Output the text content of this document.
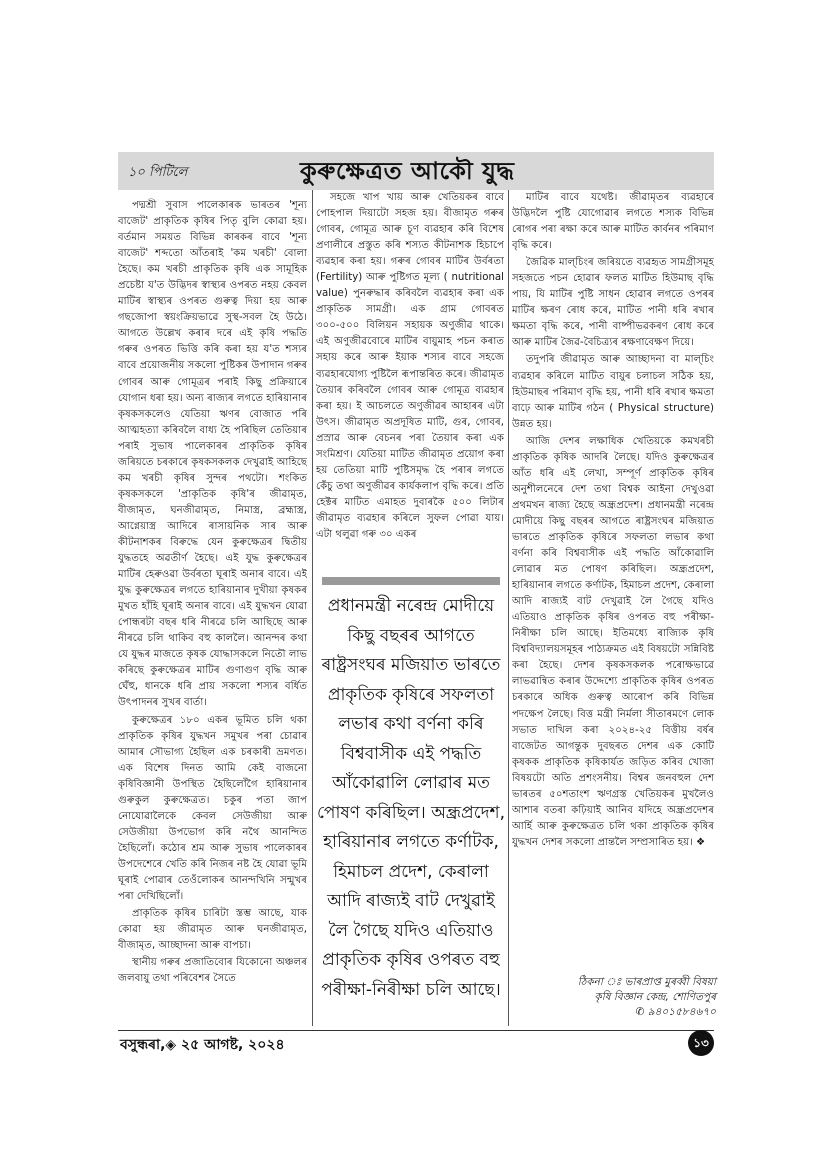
১০ পিটিলে	কুৰুক্ষেত্ৰত আকৌ যুদ্ধ

পদ্মশ্ৰী সুবাস পালেকাৰক ভাৰতৰ 'শূন্য বাজেট' প্ৰাকৃতিক কৃষিৰ পিতৃ বুলি কোৱা হয়। বৰ্তমান সময়ত বিভিন্ন কাৰকৰ বাবে 'শূন্য বাজেট' শব্দতো আঁতৰাই 'কম খৰচী' বোলা হৈছে। কম খৰচী প্ৰাকৃতিক কৃষি এক সামূহিক প্ৰচেষ্টা য'ত উদ্ভিদৰ স্বাস্থ্যৰ ওপৰত নহয় কেবল মাটিৰ স্বাস্থ্যৰ ওপৰত গুৰুত্ব দিয়া হয় আৰু গছজোপা স্বয়ংক্ৰিয়ভাৱে সুস্থ-সবল হৈ উঠে। আগতে উল্লেখ কৰাৰ দৰে এই কৃষি পদ্ধতি গৰুৰ ওপৰত ভিত্তি কৰি কৰা হয় য'ত শস্যৰ বাবে প্ৰয়োজনীয় সকলো পুষ্টিকৰ উপাদান গৰুৰ গোবৰ আৰু গোমূত্ৰৰ পৰাই কিছু প্ৰক্ৰিয়াৰে যোগান ধৰা হয়। অন্য ৰাজ্যৰ লগতে হাৰিয়ানাৰ কৃষকসকলেও যেতিয়া ঋণৰ বোজাত পৰি আত্মহত্যা কৰিবলৈ বাধ্য হৈ পৰিছিল তেতিয়াৰ পৰাই সুভাষ পালেকাৰৰ প্ৰাকৃতিক কৃষিৰ জৰিয়তে চৰকাৰে কৃষকসকলক দেখুৱাই আহিছে কম খৰচী কৃষিৰ সুন্দৰ পথটো। শংকিত কৃষকসকলে 'প্ৰাকৃতিক কৃষি'ৰ জীৱামৃত, বীজামৃত, ঘনজীৱামৃত, নিমাস্ত্ৰ, ব্ৰহ্মাস্ত্ৰ, আগ্নেয়াস্ত্ৰ আদিৰে ৰাসায়নিক সাৰ আৰু কীটনাশকৰ বিৰুদ্ধে যেন কুৰুক্ষেত্ৰৰ দ্বিতীয় যুদ্ধতহে অৱতীৰ্ণ হৈছে। এই যুদ্ধ কুৰুক্ষেত্ৰৰ মাটিৰ হেৰুওৱা উৰ্বৰতা ঘূৰাই অনাৰ বাবে। এই যুদ্ধ কুৰুক্ষেত্ৰৰ লগতে হাৰিয়ানাৰ দুখীয়া কৃষকৰ মুখত হাঁহি ঘূৰাই অনাৰ বাবে। এই যুদ্ধখন যোৱা পোন্ধৰটা বছৰ ধৰি নীৰৱে চলি আছিছে আৰু নীৰৱে চলি থাকিব বহু কাললৈ। আনন্দৰ কথা যে যুদ্ধৰ মাজতে কৃষক যোদ্ধাসকলে নিতৌ লাভ কৰিছে কুৰুক্ষেত্ৰৰ মাটিৰ গুণাগুণ বৃদ্ধি আৰু ঘেঁহু, ধানকে ধৰি প্ৰায় সকলো শস্যৰ বৰ্ধিত উৎপাদনৰ সুখৰ বাৰ্তা।

কুৰুক্ষেত্ৰৰ ১৮০ একৰ ভূমিত চলি থকা প্ৰাকৃতিক কৃষিৰ যুদ্ধখন সমুখৰ পৰা চোৱাৰ আমাৰ সৌভাগ্য হৈছিল এক চৰকাৰী ভ্ৰমণত। এক বিশেষ দিনত আমি কেই বাজনো কৃষিবিজ্ঞানী উপস্থিত হৈছিলোঁগৈ হাৰিয়ানাৰ গুৰুকুল কুৰুক্ষেত্ৰত। চকুৰ পতা জাপ নোযোৱালৈকে কেবল সেউজীয়া আৰু সেউজীয়া উপভোগ কৰি নথৈ আনন্দিত হৈছিলোঁ। কঠোৰ শ্ৰম আৰু সুভাষ পালেকাৰৰ উপদেশেৰে খেতি কৰি নিজৰ নষ্ট হৈ যোৱা ভূমি ঘূৰাই পোৱাৰ তেওঁলোকৰ আনন্দখিনি সন্মুখৰ পৰা দেখিছিলোঁ।

প্ৰাকৃতিক কৃষিৰ চাৰিটা স্তম্ভ আছে, যাক কোৱা হয় জীৱামৃত আৰু ঘনজীৱামৃত, বীজামৃত, আচ্ছাদনা আৰু বাপচা।

স্থানীয় গৰুৰ প্ৰজাতিবোৰ যিকোনো অঞ্চলৰ জলবায়ু তথা পৰিবেশৰ সৈতে

সহজে খাপ খায় আৰু খেতিয়কৰ বাবে পোহপাল দিয়াটো সহজ হয়। বীজামৃত গৰুৰ গোবৰ, গোমূত্ৰ আৰু চূণ ব্যৱহাৰ কৰি বিশেষ প্ৰণালীৰে প্ৰস্তুত কৰি শস্যত কীটনাশক হিচাপে ব্যৱহাৰ কৰা হয়। গৰুৰ গোবৰ মাটিৰ উৰ্বৰতা (Fertility) আৰু পুষ্টিগত মূল্য ( nutritional value) পুনৰুদ্ধাৰ কৰিবলৈ ব্যৱহাৰ কৰা এক প্ৰাকৃতিক সামগ্ৰী। এক গ্ৰাম গোবৰত ৩০০-৫০০ বিলিয়ন সহায়ক অণুজীৱ থাকে। এই অণুজীৱবোৰে মাটিৰ বায়ুমাহ পচন কৰাত সহায় কৰে আৰু ইয়াক শস্যৰ বাবে সহজে ব্যৱহাৰযোগ্য পুষ্টিলৈ ৰূপান্তৰিত কৰে। জীৱামৃত তৈয়াৰ কৰিবলৈ গোবৰ আৰু গোমূত্ৰ ব্যৱহাৰ কৰা হয়। ই আচলতে অণুজীৱৰ আহাৰৰ এটা উৎস। জীৱামৃত অপ্ৰদূষিত মাটি, গুৰ, গোবৰ, প্ৰস্ৰাৱ আৰু বেচনৰ পৰা তৈয়াৰ কৰা এক সংমিশ্ৰণ। যেতিয়া মাটিত জীৱামৃত প্ৰয়োগ কৰা হয় তেতিয়া মাটি পুষ্টিসমৃদ্ধ হৈ পৰাৰ লগতে কেঁচু তথা অণুজীৱৰ কাৰ্যকলাপ বৃদ্ধি কৰে। প্ৰতি হেক্টৰ মাটিত এমাহত দুবাৰকৈ ৫০০ লিটাৰ জীৱামৃত ব্যৱহাৰ কৰিলে সুফল পোৱা যায়। এটা থলুৱা গৰু ৩০ একৰ

প্ৰধানমন্ত্ৰী নৰেন্দ্ৰ মোদীয়ে কিছু বছৰৰ আগতে ৰাষ্ট্ৰসংঘৰ মজিয়াত ভাৰতে প্ৰাকৃতিক কৃষিৰে সফলতা লভাৰ কথা বৰ্ণনা কৰি বিশ্ববাসীক এই পদ্ধতি আঁকোৱালি লোৱাৰ মত পোষণ কৰিছিল। অন্ধ্ৰপ্ৰদেশ, হাৰিয়ানাৰ লগতে কৰ্ণাটক, হিমাচল প্ৰদেশ, কেৰালা আদি ৰাজ্যই বাট দেখুৱাই লৈ গৈছে যদিও এতিয়াও প্ৰাকৃতিক কৃষিৰ ওপৰত বহু পৰীক্ষা-নিৰীক্ষা চলি আছে।

মাটিৰ বাবে যথেষ্ট। জীৱামৃতৰ ব্যৱহাৰে উদ্ভিদলৈ পুষ্টি যোগোৱাৰ লগতে শস্যক বিভিন্ন ৰোগৰ পৰা ৰক্ষা কৰে আৰু মাটিত কাৰ্বনৰ পৰিমাণ বৃদ্ধি কৰে।

জৈৱিক মাল্‌চিংৰ জৰিয়তে ব্যৱহৃত সামগ্ৰীসমূহ সহজতে পচন হোৱাৰ ফলত মাটিত হিউমাছ বৃদ্ধি পায়, যি মাটিৰ পুষ্টি সাধন হোৱাৰ লগতে ওপৰৰ মাটিৰ ক্ষৰণ ৰোধ কৰে, মাটিত পানী ধৰি ৰখাৰ ক্ষমতা বৃদ্ধি কৰে, পানী বাষ্পীভৱকৰণ ৰোধ কৰে আৰু মাটিৰ জৈৱ-বৈচিত্ৰ্যৰ ৰক্ষণাবেক্ষণ দিয়ে।

তদুপৰি জীৱামৃত আৰু আচ্ছাদনা বা মাল্‌চিং ব্যৱহাৰ কৰিলে মাটিত বায়ুৰ চলাচল সঠিক হয়, হিউমাছৰ পৰিমাণ বৃদ্ধি হয়, পানী ধৰি ৰখাৰ ক্ষমতা বাঢ়ে আৰু মাটিৰ গঠন ( Physical structure) উন্নত হয়।

আজি দেশৰ লক্ষাধিক খেতিয়কে কমখৰচী প্ৰাকৃতিক কৃষিক আদৰি লৈছে। যদিও কুৰুক্ষেত্ৰৰ আঁত ধৰি এই লেখা, সম্পূৰ্ণ প্ৰাকৃতিক কৃষিৰ অনুশীলনেৰে দেশ তথা বিশ্বক আইনা দেখুওৱা প্ৰথমখন ৰাজ্য হৈছে অন্ধ্ৰপ্ৰদেশ। প্ৰধানমন্ত্ৰী নৰেন্দ্ৰ মোদীয়ে কিছু বছৰৰ আগতে ৰাষ্ট্ৰসংঘৰ মজিয়াত ভাৰতে প্ৰাকৃতিক কৃষিৰে সফলতা লভাৰ কথা বৰ্ণনা কৰি বিশ্ববাসীক এই পদ্ধতি আঁকোৱালি লোৱাৰ মত পোষণ কৰিছিল। অন্ধ্ৰপ্ৰদেশ, হাৰিয়ানাৰ লগতে কৰ্ণাটক, হিমাচল প্ৰদেশ, কেৰালা আদি ৰাজ্যই বাট দেখুৱাই লৈ গৈছে যদিও এতিয়াও প্ৰাকৃতিক কৃষিৰ ওপৰত বহু পৰীক্ষা-নিৰীক্ষা চলি আছে। ইতিমধ্যে ৰাজ্যিক কৃষি বিশ্ববিদ্যালয়সমূহৰ পাঠ্যক্ৰমত এই বিষয়টো সন্নিবিষ্ট কৰা হৈছে। দেশৰ কৃষকসকলক পৰোক্ষভাৱে লাভৱান্বিত কৰাৰ উদ্দেশ্যে প্ৰাকৃতিক কৃষিৰ ওপৰত চৰকাৰে অধিক গুৰুত্ব আৰোপ কৰি বিভিন্ন পদক্ষেপ লৈছে। বিত্ত মন্ত্ৰী নিৰ্মলা সীতাৰমণে লোক সভাত দাখিল কৰা ২০২৪-২৫ বিত্তীয় বৰ্ষৰ বাজেটত আগন্তুক দুবছৰত দেশৰ এক কোটি কৃষকক প্ৰাকৃতিক কৃষিকাৰ্যত জড়িত কৰিব খোজা বিষয়টো অতি প্ৰশংসনীয়। বিশ্বৰ জনবহুল দেশ ভাৰতৰ ৫০শতাংশ ঋণগ্ৰস্ত খেতিয়কৰ মুখলৈও আশাৰ বতৰা কঢ়িয়াই আনিব যদিহে অন্ধ্ৰপ্ৰদেশৰ আৰ্হি আৰু কুৰুক্ষেত্ৰত চলি থকা প্ৰাকৃতিক কৃষিৰ যুদ্ধখন দেশৰ সকলো প্ৰান্তলৈ সম্প্ৰসাৰিত হয়। ❖

ঠিকনা ঃ ভাৰপ্ৰাপ্ত মুৰব্বী বিষয়া
কৃষি বিজ্ঞান কেন্দ্ৰ, শোণিতপুৰ
✆ ৯৪০১৫৮৪৬৭০
বসুন্ধৰা,◈ ২৫ আগষ্ট, ২০২৪	১৩
